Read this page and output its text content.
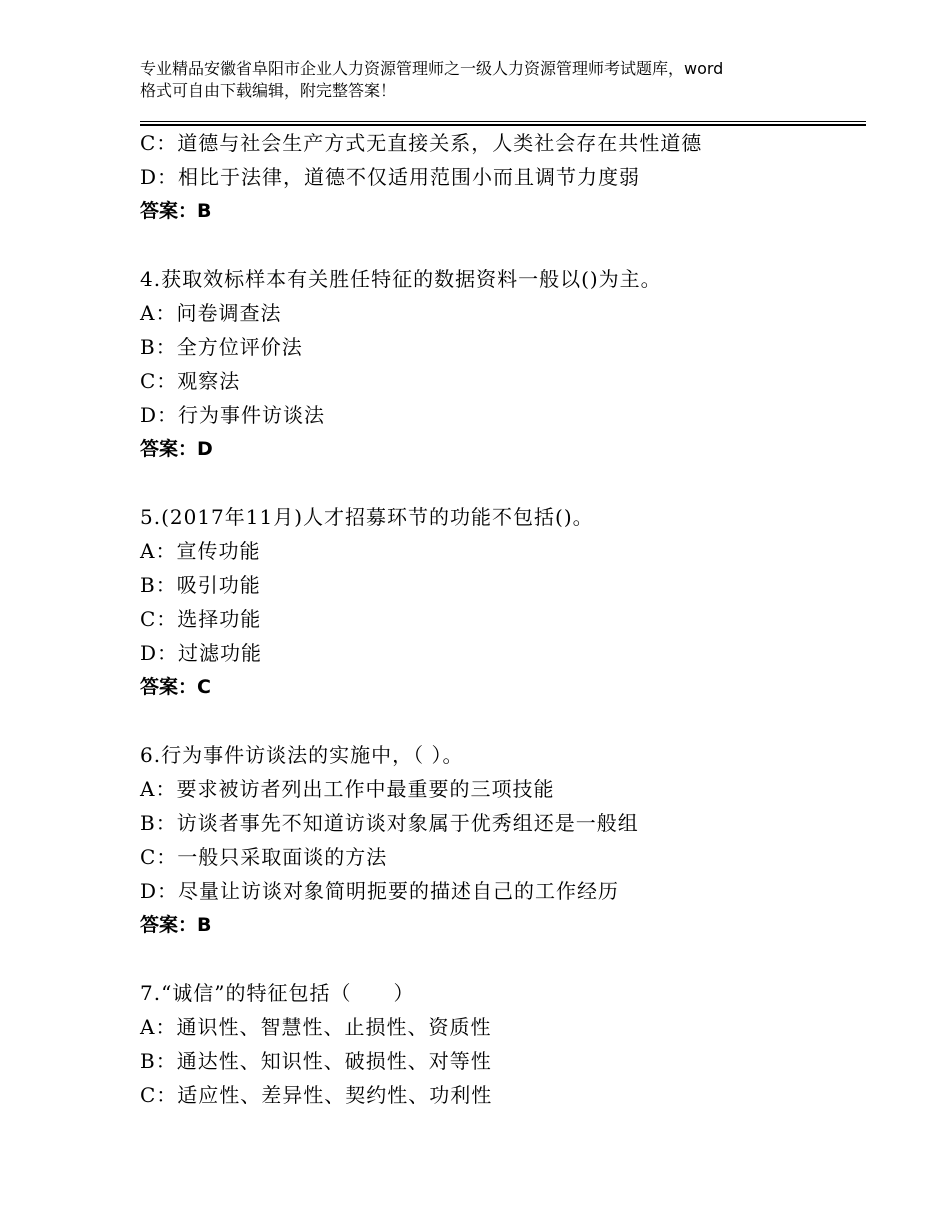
专业精品安徽省阜阳市企业人力资源管理师之一级人力资源管理师考试题库，word
格式可自由下载编辑，附完整答案！
C：道德与社会生产方式无直接关系，人类社会存在共性道德
D：相比于法律，道德不仅适用范围小而且调节力度弱
答案：B
4.获取效标样本有关胜任特征的数据资料一般以()为主。
A：问卷调查法
B：全方位评价法
C：观察法
D：行为事件访谈法
答案：D
5.(2017年11月)人才招募环节的功能不包括()。
A：宣传功能
B：吸引功能
C：选择功能
D：过滤功能
答案：C
6.行为事件访谈法的实施中，（ ）。
A：要求被访者列出工作中最重要的三项技能
B：访谈者事先不知道访谈对象属于优秀组还是一般组
C：一般只采取面谈的方法
D：尽量让访谈对象简明扼要的描述自己的工作经历
答案：B
7.“诚信”的特征包括（　　）
A：通识性、智慧性、止损性、资质性
B：通达性、知识性、破损性、对等性
C：适应性、差异性、契约性、功利性
